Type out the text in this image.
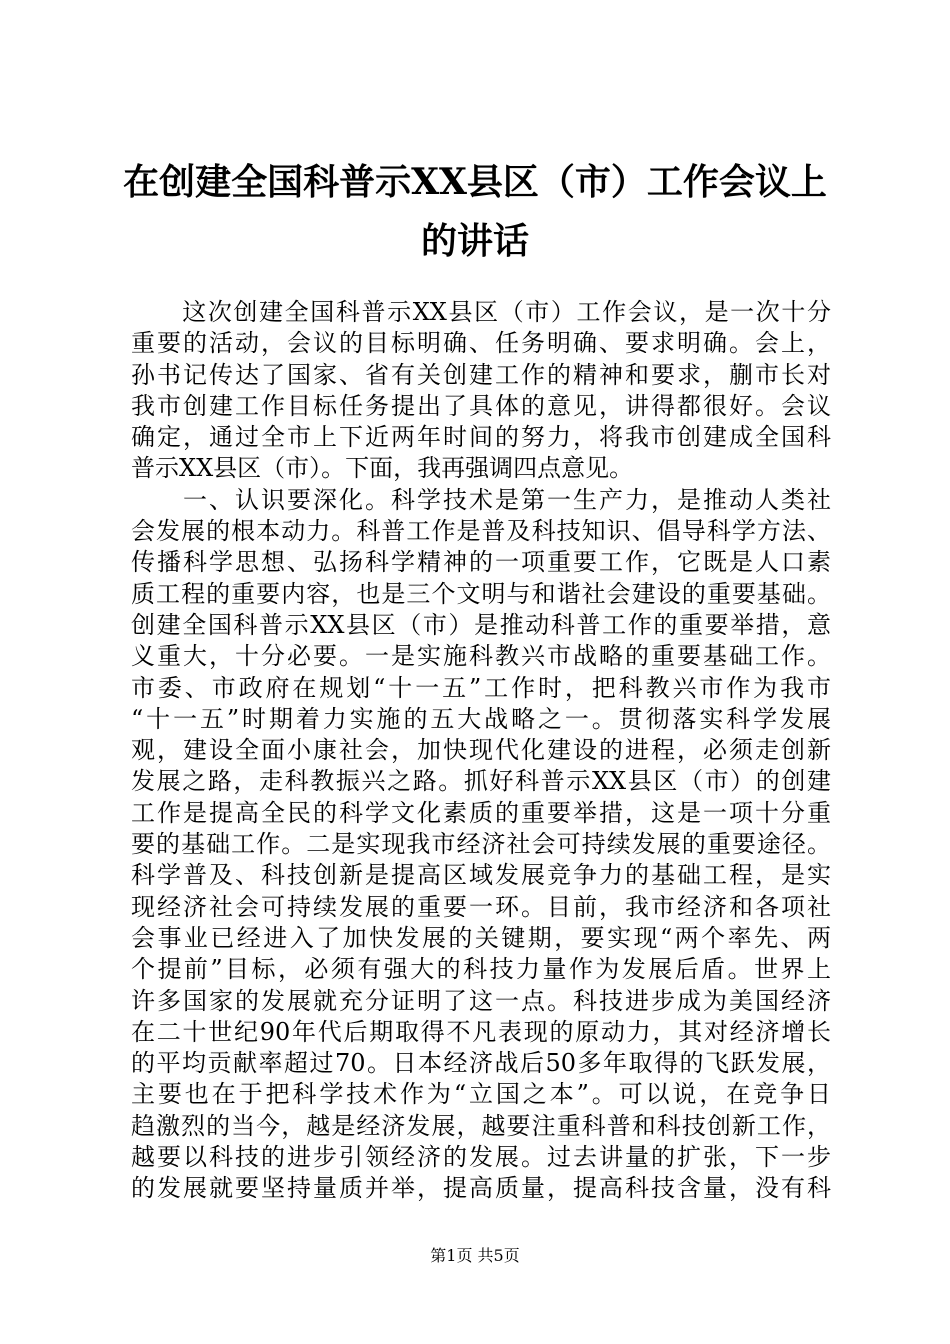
在创建全国科普示XX县区（市）工作会议上
的讲话
　　这次创建全国科普示XX县区（市）工作会议，是一次十分
重要的活动，会议的目标明确、任务明确、要求明确。会上，
孙书记传达了国家、省有关创建工作的精神和要求，蒯市长对
我市创建工作目标任务提出了具体的意见，讲得都很好。会议
确定，通过全市上下近两年时间的努力，将我市创建成全国科
普示XX县区（市）。下面，我再强调四点意见。
　　一、认识要深化。科学技术是第一生产力，是推动人类社
会发展的根本动力。科普工作是普及科技知识、倡导科学方法、
传播科学思想、弘扬科学精神的一项重要工作，它既是人口素
质工程的重要内容，也是三个文明与和谐社会建设的重要基础。
创建全国科普示XX县区（市）是推动科普工作的重要举措，意
义重大，十分必要。一是实施科教兴市战略的重要基础工作。
市委、市政府在规划“十一五”工作时，把科教兴市作为我市
“十一五”时期着力实施的五大战略之一。贯彻落实科学发展
观，建设全面小康社会，加快现代化建设的进程，必须走创新
发展之路，走科教振兴之路。抓好科普示XX县区（市）的创建
工作是提高全民的科学文化素质的重要举措，这是一项十分重
要的基础工作。二是实现我市经济社会可持续发展的重要途径。
科学普及、科技创新是提高区域发展竞争力的基础工程，是实
现经济社会可持续发展的重要一环。目前，我市经济和各项社
会事业已经进入了加快发展的关键期，要实现“两个率先、两
个提前”目标，必须有强大的科技力量作为发展后盾。世界上
许多国家的发展就充分证明了这一点。科技进步成为美国经济
在二十世纪90年代后期取得不凡表现的原动力，其对经济增长
的平均贡献率超过70。日本经济战后50多年取得的飞跃发展，
主要也在于把科学技术作为“立国之本”。可以说，在竞争日
趋激烈的当今，越是经济发展，越要注重科普和科技创新工作，
越要以科技的进步引领经济的发展。过去讲量的扩张，下一步
的发展就要坚持量质并举，提高质量，提高科技含量，没有科
第1页 共5页
